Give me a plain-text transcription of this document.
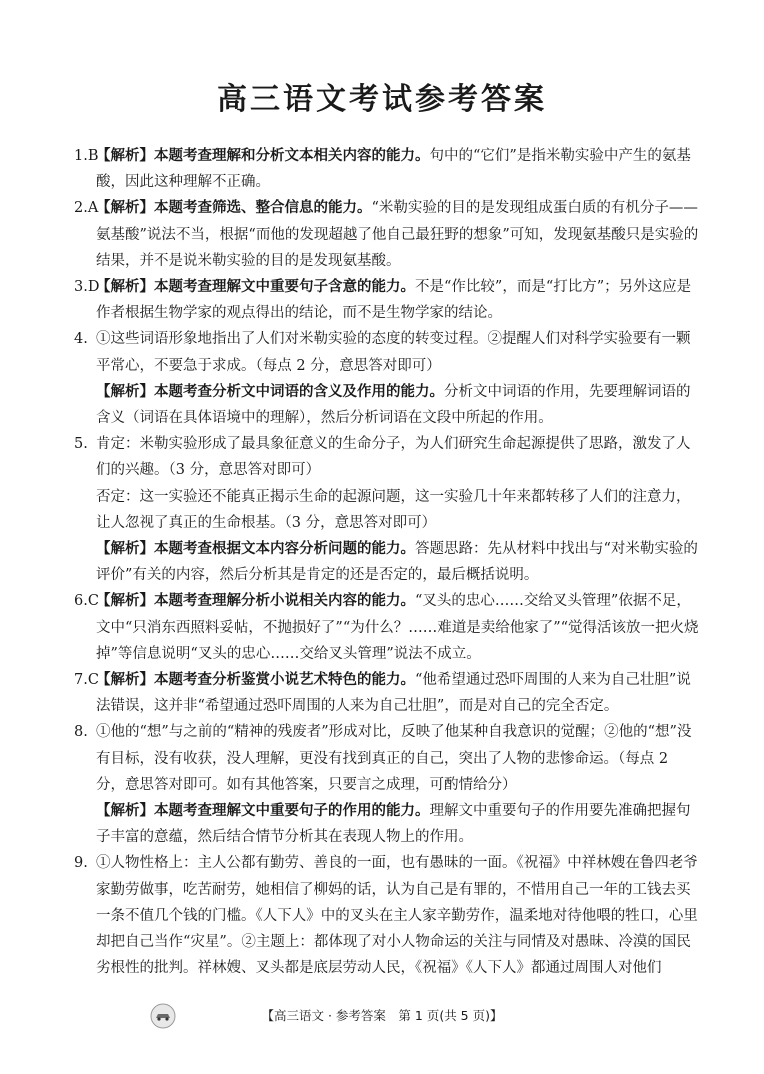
高三语文考试参考答案
1.B

【解析】本题考查理解和分析文本相关内容的能力。句中的“它们”是指米勒实验中产生的氨基酸，因此这种理解不正确。

2.A

【解析】本题考查筛选、整合信息的能力。“米勒实验的目的是发现组成蛋白质的有机分子——氨基酸”说法不当，根据“而他的发现超越了他自己最狂野的想象”可知，发现氨基酸只是实验的结果，并不是说米勒实验的目的是发现氨基酸。

3.D

【解析】本题考查理解文中重要句子含意的能力。不是“作比较”，而是“打比方”；另外这应是作者根据生物学家的观点得出的结论，而不是生物学家的结论。

4. ①这些词语形象地指出了人们对米勒实验的态度的转变过程。②提醒人们对科学实验要有一颗平常心，不要急于求成。（每点 2 分，意思答对即可）

【解析】本题考查分析文中词语的含义及作用的能力。分析文中词语的作用，先要理解词语的含义（词语在具体语境中的理解），然后分析词语在文段中所起的作用。

5. 肯定：米勒实验形成了最具象征意义的生命分子，为人们研究生命起源提供了思路，激发了人们的兴趣。（3 分，意思答对即可）

否定：这一实验还不能真正揭示生命的起源问题，这一实验几十年来都转移了人们的注意力，让人忽视了真正的生命根基。（3 分，意思答对即可）

【解析】本题考查根据文本内容分析问题的能力。答题思路：先从材料中找出与“对米勒实验的评价”有关的内容，然后分析其是肯定的还是否定的，最后概括说明。

6.C

【解析】本题考查理解分析小说相关内容的能力。“叉头的忠心……交给叉头管理”依据不足，文中“只消东西照料妥帖，不抛损好了”“为什么？……难道是卖给他家了”“觉得活该放一把火烧掉”等信息说明“叉头的忠心……交给叉头管理”说法不成立。

7.C

【解析】本题考查分析鉴赏小说艺术特色的能力。“他希望通过恐吓周围的人来为自己壮胆”说法错误，这并非“希望通过恐吓周围的人来为自己壮胆”，而是对自己的完全否定。

8. ①他的“想”与之前的“精神的残废者”形成对比，反映了他某种自我意识的觉醒；②他的“想”没有目标，没有收获，没人理解，更没有找到真正的自己，突出了人物的悲惨命运。（每点 2 分，意思答对即可。如有其他答案，只要言之成理，可酌情给分）

【解析】本题考查理解文中重要句子的作用的能力。理解文中重要句子的作用要先准确把握句子丰富的意蕴，然后结合情节分析其在表现人物上的作用。

9. ①人物性格上：主人公都有勤劳、善良的一面，也有愚昧的一面。《祝福》中祥林嫂在鲁四老爷家勤劳做事，吃苦耐劳，她相信了柳妈的话，认为自己是有罪的，不惜用自己一年的工钱去买一条不值几个钱的门槛。《人下人》中的叉头在主人家辛勤劳作，温柔地对待他喂的牲口，心里却把自己当作“灾星”。②主题上：都体现了对小人物命运的关注与同情及对愚昧、冷漠的国民劣根性的批判。祥林嫂、叉头都是底层劳动人民，《祝福》《人下人》都通过周围人对他们

【高三语文 · 参考答案　第 1 页(共 5 页)】
